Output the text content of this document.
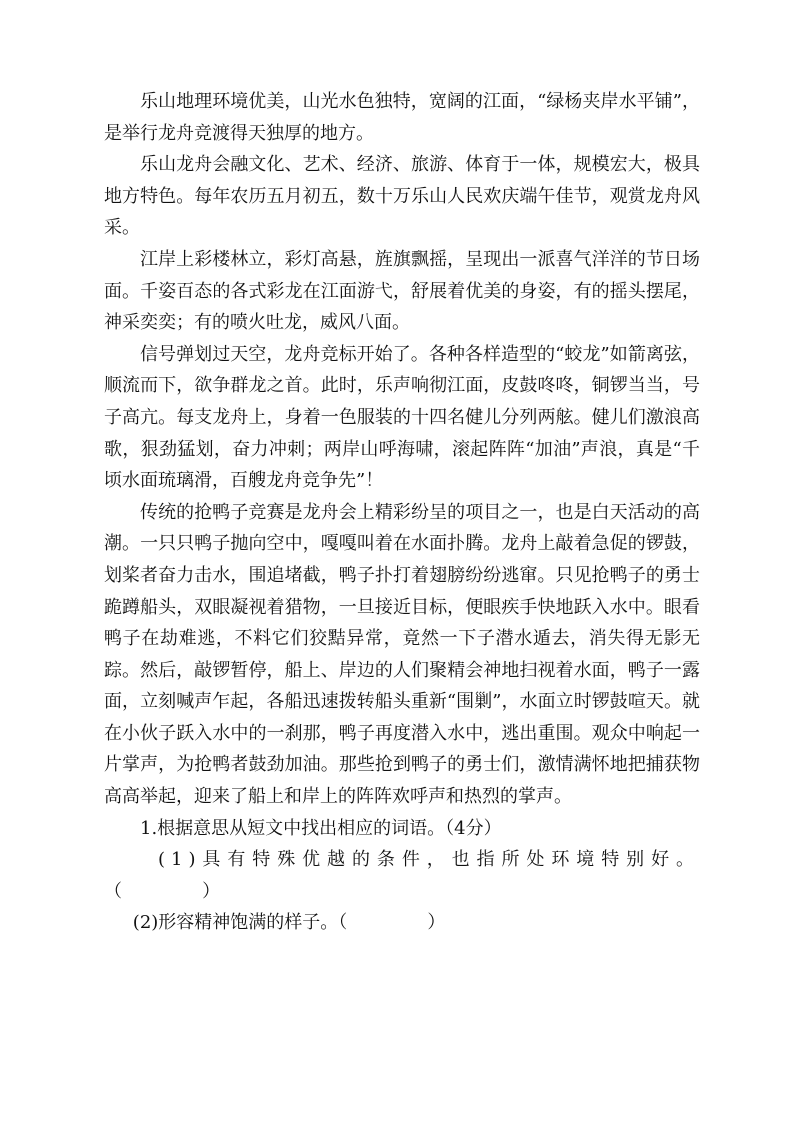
乐山地理环境优美，山光水色独特，宽阔的江面，“绿杨夹岸水平铺”，是举行龙舟竞渡得天独厚的地方。

乐山龙舟会融文化、艺术、经济、旅游、体育于一体，规模宏大，极具地方特色。每年农历五月初五，数十万乐山人民欢庆端午佳节，观赏龙舟风采。

江岸上彩楼林立，彩灯高悬，旌旗飘摇，呈现出一派喜气洋洋的节日场面。千姿百态的各式彩龙在江面游弋，舒展着优美的身姿，有的摇头摆尾，神采奕奕；有的喷火吐龙，威风八面。

信号弹划过天空，龙舟竞标开始了。各种各样造型的“蛟龙”如箭离弦，顺流而下，欲争群龙之首。此时，乐声响彻江面，皮鼓咚咚，铜锣当当，号子高亢。每支龙舟上，身着一色服装的十四名健儿分列两舷。健儿们激浪高歌，狠劲猛划，奋力冲刺；两岸山呼海啸，滚起阵阵“加油”声浪，真是“千顷水面琉璃滑，百艘龙舟竞争先”！

传统的抢鸭子竞赛是龙舟会上精彩纷呈的项目之一，也是白天活动的高潮。一只只鸭子抛向空中，嘎嘎叫着在水面扑腾。龙舟上敲着急促的锣鼓，划桨者奋力击水，围追堵截，鸭子扑打着翅膀纷纷逃窜。只见抢鸭子的勇士跪蹲船头，双眼凝视着猎物，一旦接近目标，便眼疾手快地跃入水中。眼看鸭子在劫难逃，不料它们狡黠异常，竟然一下子潜水遁去，消失得无影无踪。然后，敲锣暂停，船上、岸边的人们聚精会神地扫视着水面，鸭子一露面，立刻喊声乍起，各船迅速拨转船头重新“围剿”，水面立时锣鼓喧天。就在小伙子跃入水中的一刹那，鸭子再度潜入水中，逃出重围。观众中响起一片掌声，为抢鸭者鼓劲加油。那些抢到鸭子的勇士们，激情满怀地把捕获物高高举起，迎来了船上和岸上的阵阵欢呼声和热烈的掌声。

1.根据意思从短文中找出相应的词语。（4分）

(1)具有特殊优越的条件，也指所处环境特别好。

（              ）

(2)形容精神饱满的样子。（              ）
